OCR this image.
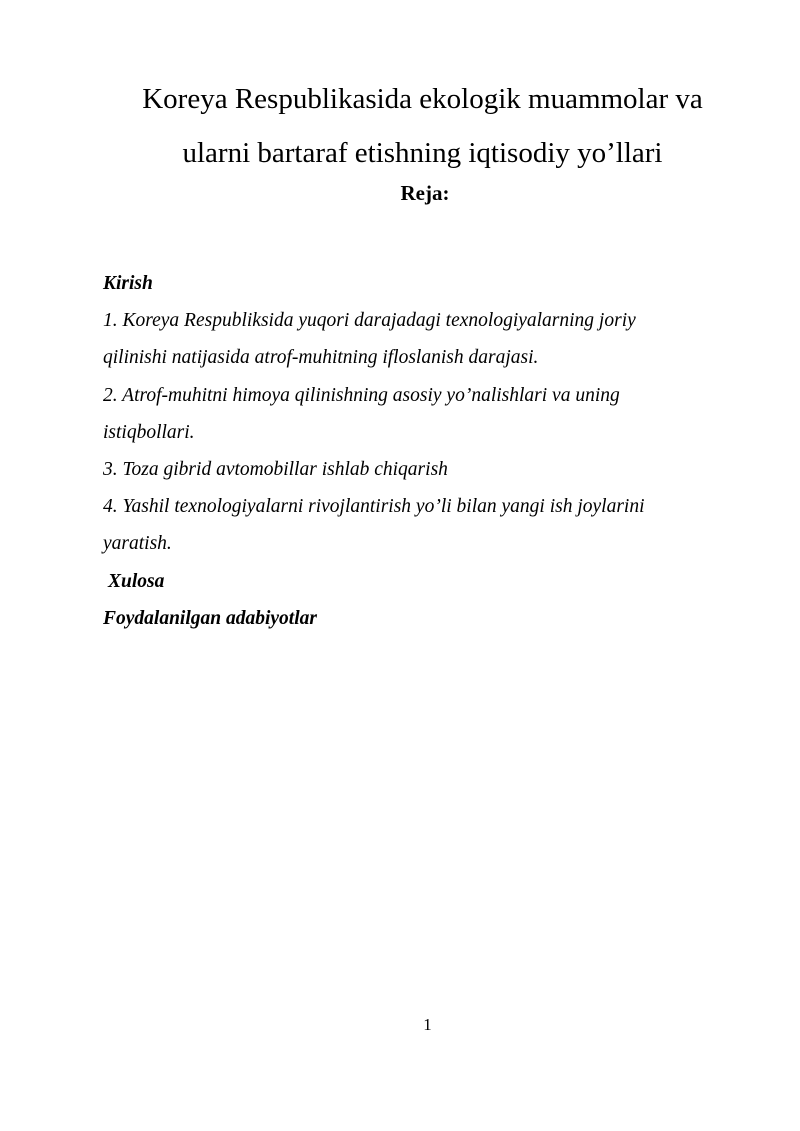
Koreya Respublikasida ekologik muammolar va
ularni bartaraf etishning iqtisodiy yo’llari
Reja:
Kirish
1. Koreya Respubliksida yuqori darajadagi texnologiyalarning joriy
qilinishi natijasida atrof-muhitning ifloslanish darajasi.
2. Atrof-muhitni himoya qilinishning asosiy yo’nalishlari va uning
istiqbollari.
3. Toza gibrid avtomobillar ishlab chiqarish
4. Yashil texnologiyalarni rivojlantirish yo’li bilan yangi ish joylarini
yaratish.
Xulosa
Foydalanilgan adabiyotlar
1
